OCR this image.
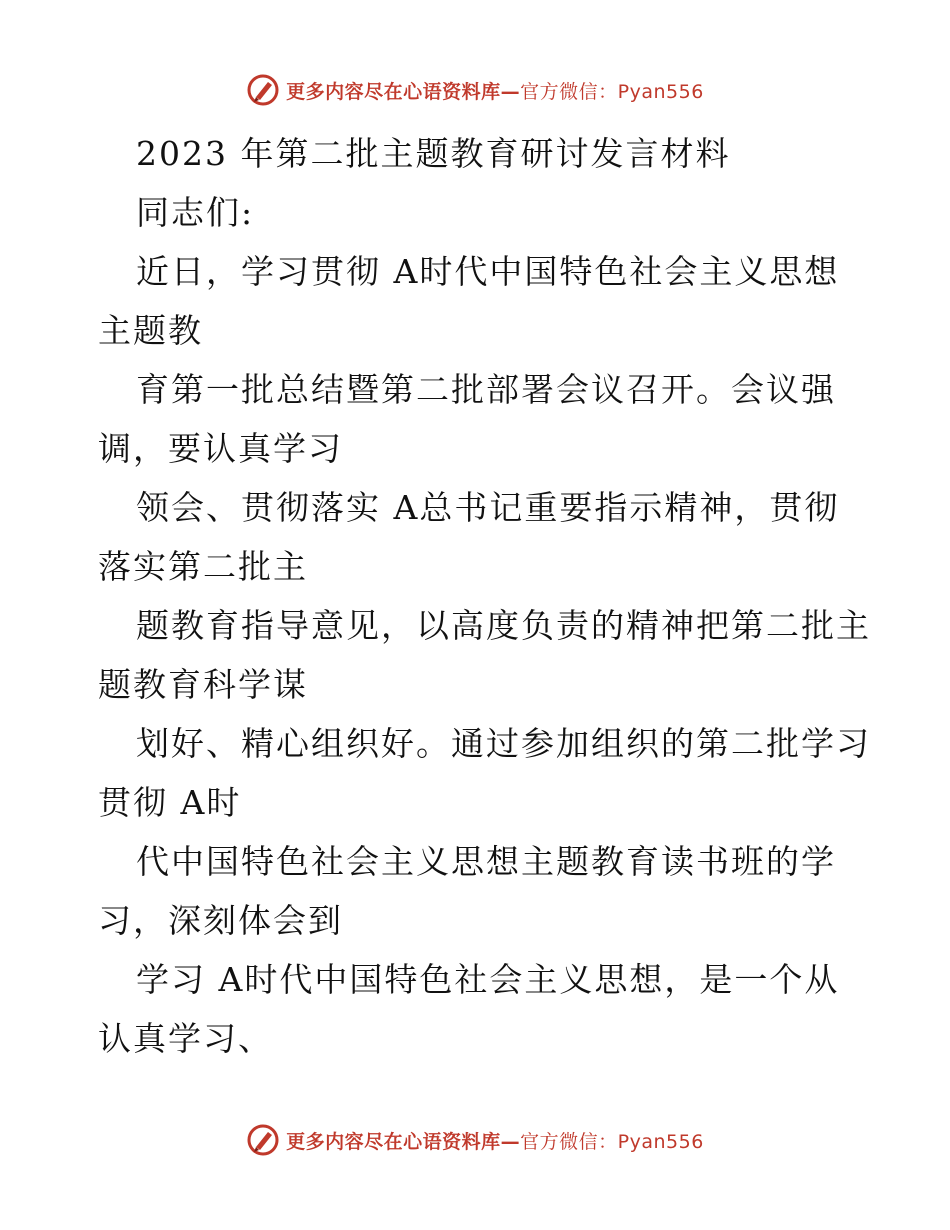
更多内容尽在心语资料库—官方微信：Pyan556
2023 年第二批主题教育研讨发言材料
同志们:
近日，学习贯彻 A时代中国特色社会主义思想
主题教
育第一批总结暨第二批部署会议召开。会议强
调，要认真学习
领会、贯彻落实 A总书记重要指示精神，贯彻
落实第二批主
题教育指导意见，以高度负责的精神把第二批主
题教育科学谋
划好、精心组织好。通过参加组织的第二批学习
贯彻 A时
代中国特色社会主义思想主题教育读书班的学
习，深刻体会到
学习 A时代中国特色社会主义思想，是一个从
认真学习、
更多内容尽在心语资料库—官方微信：Pyan556
